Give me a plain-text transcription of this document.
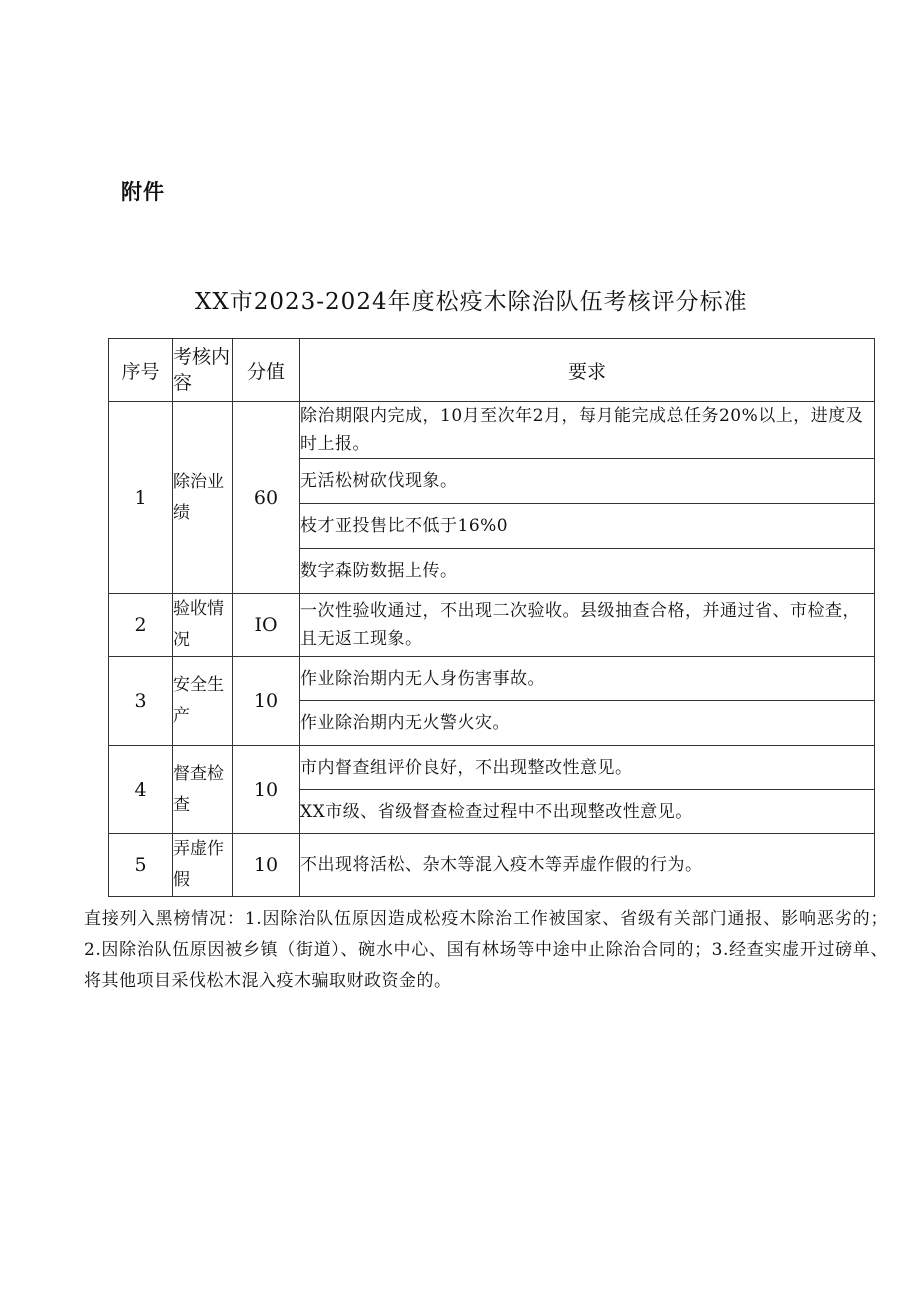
附件
XX市2023-2024年度松疫木除治队伍考核评分标准
序号	考核内容	分值	要求
1	除治业绩	60	除治期限内完成，10月至次年2月，每月能完成总任务20%以上，进度及时上报。
			无活松树砍伐现象。
			枝才亚投售比不低于16%0
			数字森防数据上传。
2	验收情况	IO	一次性验收通过，不出现二次验收。县级抽查合格，并通过省、市检查，且无返工现象。
3	安全生产	10	作业除治期内无人身伤害事故。
			作业除治期内无火警火灾。
4	督查检查	10	市内督查组评价良好，不出现整改性意见。
			XX市级、省级督查检查过程中不出现整改性意见。
5	弄虚作假	10	不出现将活松、杂木等混入疫木等弄虚作假的行为。
直接列入黑榜情况：1.因除治队伍原因造成松疫木除治工作被国家、省级有关部门通报、影响恶劣的；2.因除治队伍原因被乡镇（街道）、碗水中心、国有林场等中途中止除治合同的；3.经查实虚开过磅单、将其他项目采伐松木混入疫木骗取财政资金的。
